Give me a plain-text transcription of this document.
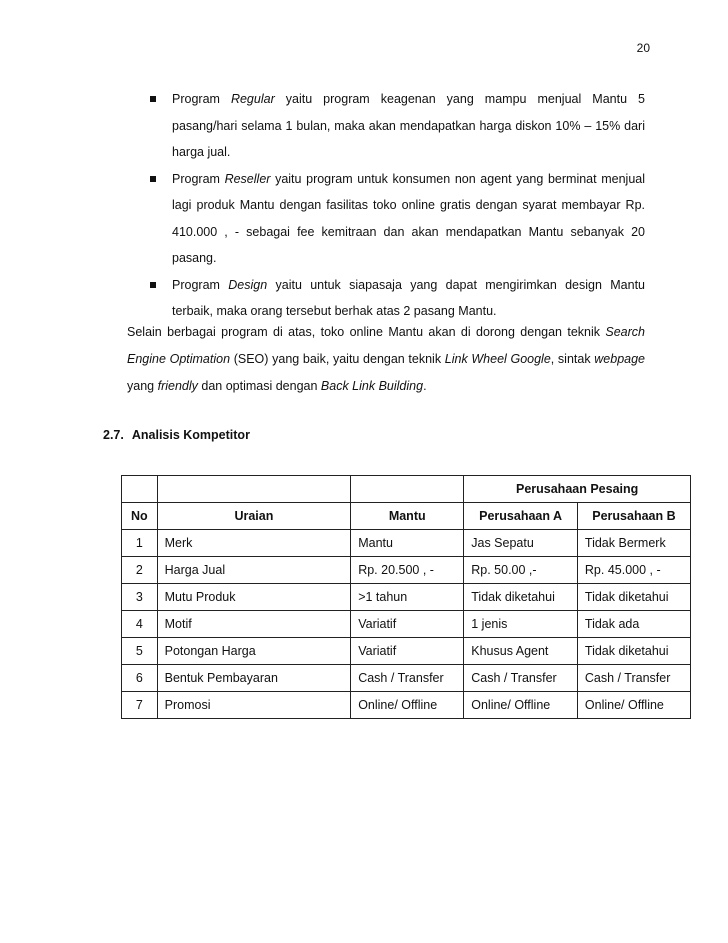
20
Program Regular yaitu program keagenan yang mampu menjual Mantu 5 pasang/hari selama 1 bulan, maka akan mendapatkan harga diskon 10% – 15% dari harga jual.
Program Reseller yaitu program untuk konsumen non agent yang berminat menjual lagi produk Mantu dengan fasilitas toko online gratis dengan syarat membayar Rp. 410.000 , - sebagai fee kemitraan dan akan mendapatkan Mantu sebanyak 20 pasang.
Program Design yaitu untuk siapasaja yang dapat mengirimkan design Mantu terbaik, maka orang tersebut berhak atas 2 pasang Mantu.
Selain berbagai program di atas, toko online Mantu akan di dorong dengan teknik Search Engine Optimation (SEO) yang baik, yaitu dengan teknik Link Wheel Google, sintak webpage yang friendly dan optimasi dengan Back Link Building.
2.7. Analisis Kompetitor
			Perusahaan Pesaing	
No	Uraian	Mantu	Perusahaan A	Perusahaan B
1	Merk	Mantu	Jas Sepatu	Tidak Bermerk
2	Harga Jual	Rp. 20.500 , -	Rp. 50.00 ,-	Rp. 45.000 , -
3	Mutu Produk	>1 tahun	Tidak diketahui	Tidak diketahui
4	Motif	Variatif	1 jenis	Tidak ada
5	Potongan Harga	Variatif	Khusus Agent	Tidak diketahui
6	Bentuk Pembayaran	Cash / Transfer	Cash / Transfer	Cash / Transfer
7	Promosi	Online/ Offline	Online/ Offline	Online/ Offline
